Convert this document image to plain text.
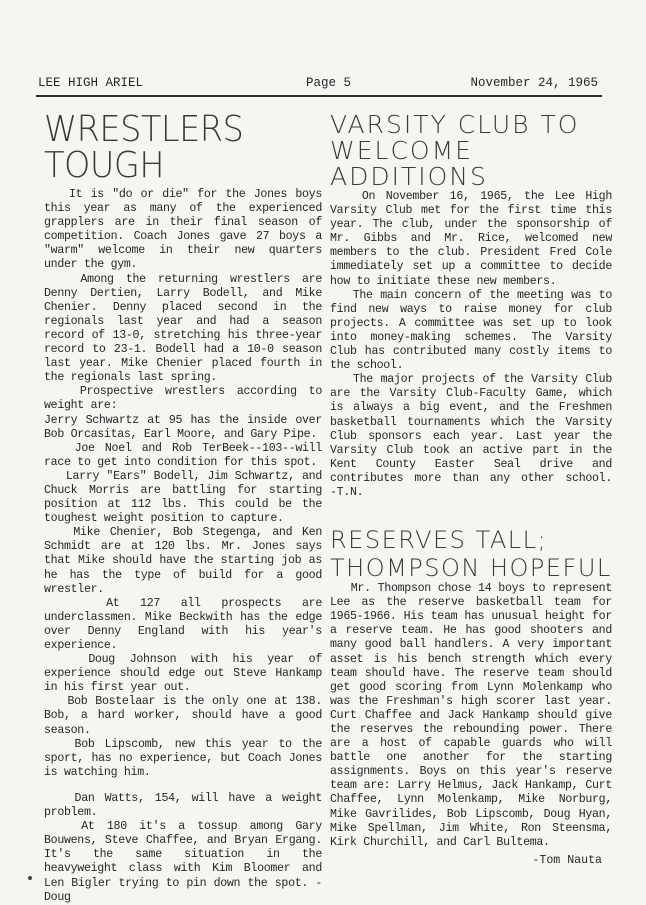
LEE HIGH ARIEL	Page 5	November 24, 1965
WRESTLERS TOUGH

It is "do or die" for the Jones boys this year as many of the experienced grapplers are in their final season of competition. Coach Jones gave 27 boys a "warm" welcome in their new quarters under the gym.

Among the returning wrestlers are Denny Dertien, Larry Bodell, and Mike Chenier. Denny placed second in the regionals last year and had a season record of 13-0, stretching his three-year record to 23-1. Bodell had a 10-0 season last year. Mike Chenier placed fourth in the regionals last spring.

Prospective wrestlers according to weight are:

Jerry Schwartz at 95 has the inside over Bob Orcasitas, Earl Moore, and Gary Pipe.

Joe Noel and Rob TerBeek--103--will race to get into condition for this spot.

Larry "Ears" Bodell, Jim Schwartz, and Chuck Morris are battling for starting position at 112 lbs. This could be the toughest weight position to capture.

Mike Chenier, Bob Stegenga, and Ken Schmidt are at 120 lbs. Mr. Jones says that Mike should have the starting job as he has the type of build for a good wrestler.

At 127 all prospects are underclassmen. Mike Beckwith has the edge over Denny England with his year's experience.

Doug Johnson with his year of experience should edge out Steve Hankamp in his first year out.

Bob Bostelaar is the only one at 138. Bob, a hard worker, should have a good season.

Bob Lipscomb, new this year to the sport, has no experience, but Coach Jones is watching him.

Dan Watts, 154, will have a weight problem.

At 180 it's a tossup among Gary Bouwens, Steve Chaffee, and Bryan Ergang. It's the same situation in the heavyweight class with Kim Bloomer and Len Bigler trying to pin down the spot. -Doug

VARSITY CLUB TO
WELCOME ADDITIONS

On November 16, 1965, the Lee High Varsity Club met for the first time this year. The club, under the sponsorship of Mr. Gibbs and Mr. Rice, welcomed new members to the club. President Fred Cole immediately set up a committee to decide how to initiate these new members.

The main concern of the meeting was to find new ways to raise money for club projects. A committee was set up to look into money-making schemes. The Varsity Club has contributed many costly items to the school.

The major projects of the Varsity Club are the Varsity Club-Faculty Game, which is always a big event, and the Freshmen basketball tournaments which the Varsity Club sponsors each year. Last year the Varsity Club took an active part in the Kent County Easter Seal drive and contributes more than any other school.   -T.N.

RESERVES TALL;
THOMPSON HOPEFUL

Mr. Thompson chose 14 boys to represent Lee as the reserve basketball team for 1965-1966. His team has unusual height for a reserve team. He has good shooters and many good ball handlers. A very important asset is his bench strength which every team should have. The reserve team should get good scoring from Lynn Molenkamp who was the Freshman's high scorer last year. Curt Chaffee and Jack Hankamp should give the reserves the rebounding power. There are a host of capable guards who will battle one another for the starting assignments. Boys on this year's reserve team are: Larry Helmus, Jack Hankamp, Curt Chaffee, Lynn Molenkamp, Mike Norburg, Mike Gavrilides, Bob Lipscomb, Doug Hyan, Mike Spellman, Jim White, Ron Steensma, Kirk Churchill, and Carl Bultema.

-Tom Nauta
